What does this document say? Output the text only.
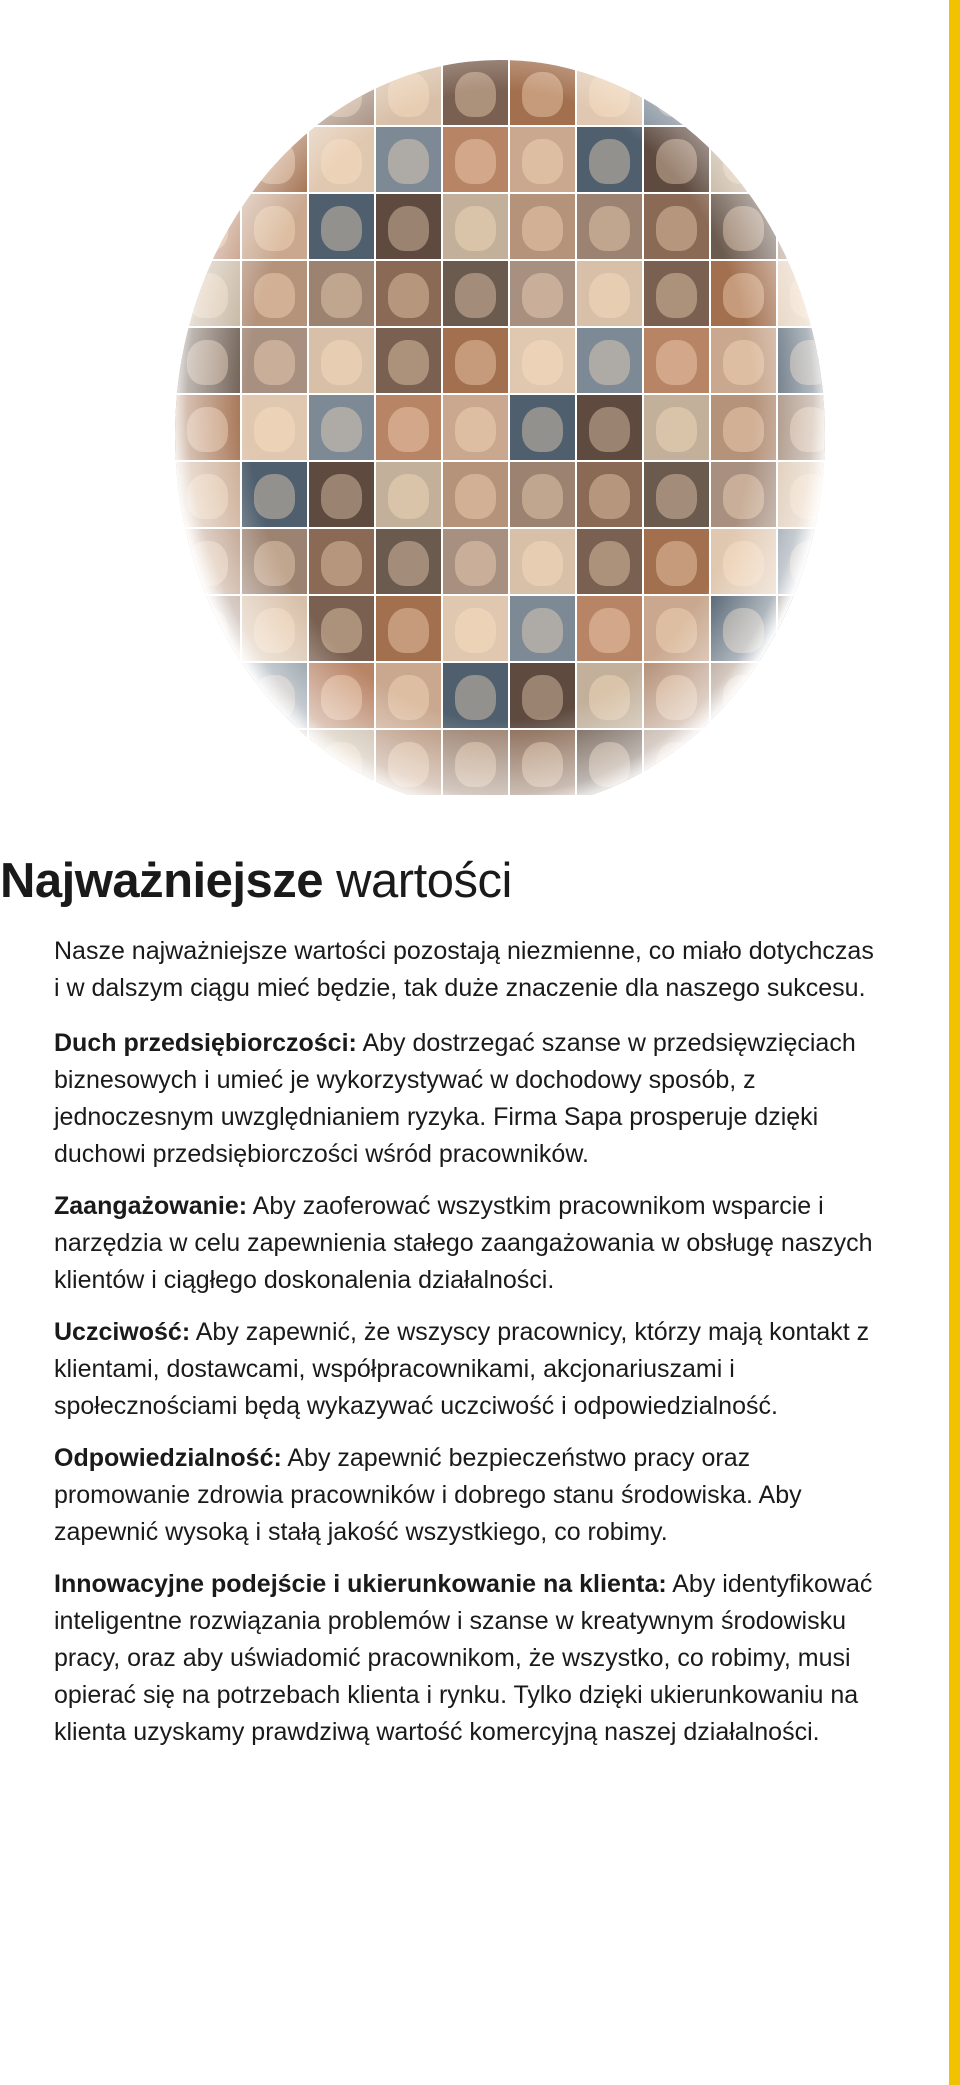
Najważniejsze wartości

Nasze najważniejsze wartości pozostają niezmienne, co miało dotychczas i w dalszym ciągu mieć będzie, tak duże znaczenie dla naszego sukcesu.

Duch przedsiębiorczości: Aby dostrzegać szanse w przedsięwzięciach biznesowych i umieć je wykorzystywać w dochodowy sposób, z jednoczesnym uwzględnianiem ryzyka. Firma Sapa prosperuje dzięki duchowi przedsiębiorczości wśród pracowników.

Zaangażowanie: Aby zaoferować wszystkim pracownikom wsparcie i narzędzia w celu zapewnienia stałego zaangażowania w obsługę naszych klientów i ciągłego doskonalenia działalności.

Uczciwość: Aby zapewnić, że wszyscy pracownicy, którzy mają kontakt z klientami, dostawcami, współpracownikami, akcjonariuszami i społecznościami będą wykazywać uczciwość i odpowiedzialność.

Odpowiedzialność: Aby zapewnić bezpieczeństwo pracy oraz promowanie zdrowia pracowników i dobrego stanu środowiska. Aby zapewnić wysoką i stałą jakość wszystkiego, co robimy.

Innowacyjne podejście i ukierunkowanie na klienta: Aby identyfikować inteligentne rozwiązania problemów i szanse w kreatywnym środowisku pracy, oraz aby uświadomić pracownikom, że wszystko, co robimy, musi opierać się na potrzebach klienta i rynku. Tylko dzięki ukierunkowaniu na klienta uzyskamy prawdziwą wartość komercyjną naszej działalności.
